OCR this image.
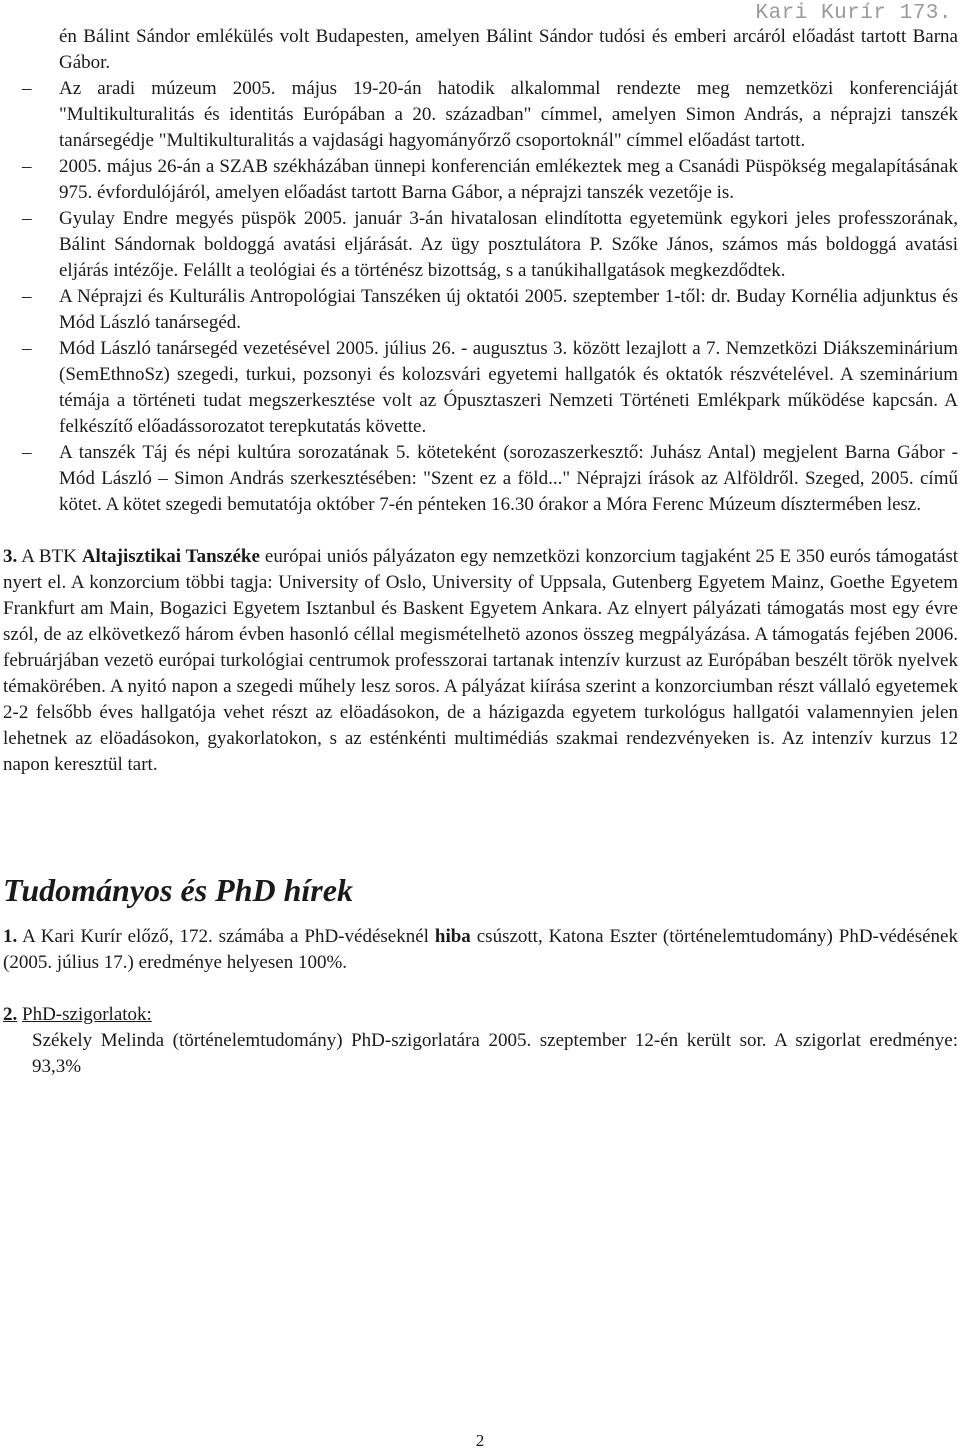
Kari Kurír 173.

én Bálint Sándor emlékülés volt Budapesten, amelyen Bálint Sándor tudósi és emberi arcáról előadást tartott Barna Gábor.

– Az aradi múzeum 2005. május 19-20-án hatodik alkalommal rendezte meg nemzetközi konferenciáját "Multikulturalitás és identitás Európában a 20. században" címmel, amelyen Simon András, a néprajzi tanszék tanársegédje "Multikulturalitás a vajdasági hagyományőrző csoportoknál" címmel előadást tartott.

– 2005. május 26-án a SZAB székházában ünnepi konferencián emlékeztek meg a Csanádi Püspökség megalapításának 975. évfordulójáról, amelyen előadást tartott Barna Gábor, a néprajzi tanszék vezetője is.

– Gyulay Endre megyés püspök 2005. január 3-án hivatalosan elindította egyetemünk egykori jeles professzorának, Bálint Sándornak boldoggá avatási eljárását. Az ügy posztulátora P. Szőke János, számos más boldoggá avatási eljárás intézője. Felállt a teológiai és a történész bizottság, s a tanúkihallgatások megkezdődtek.

– A Néprajzi és Kulturális Antropológiai Tanszéken új oktatói 2005. szeptember 1-től: dr. Buday Kornélia adjunktus és Mód László tanársegéd.

– Mód László tanársegéd vezetésével 2005. július 26. - augusztus 3. között lezajlott a 7. Nemzetközi Diákszeminárium (SemEthnoSz) szegedi, turkui, pozsonyi és kolozsvári egyetemi hallgatók és oktatók részvételével. A szeminárium témája a történeti tudat megszerkesztése volt az Ópusztaszeri Nemzeti Történeti Emlékpark működése kapcsán. A felkészítő előadássorozatot terepkutatás követte.

– A tanszék Táj és népi kultúra sorozatának 5. köteteként (sorozaszerkesztő: Juhász Antal) megjelent Barna Gábor - Mód László – Simon András szerkesztésében: "Szent ez a föld..." Néprajzi írások az Alföldről. Szeged, 2005. című kötet. A kötet szegedi bemutatója október 7-én pénteken 16.30 órakor a Móra Ferenc Múzeum dísztermében lesz.

3. A BTK Altajisztikai Tanszéke európai uniós pályázaton egy nemzetközi konzorcium tagjaként 25 E 350 eurós támogatást nyert el. A konzorcium többi tagja: University of Oslo, University of Uppsala, Gutenberg Egyetem Mainz, Goethe Egyetem Frankfurt am Main, Bogazici Egyetem Isztanbul és Baskent Egyetem Ankara. Az elnyert pályázati támogatás most egy évre szól, de az elkövetkező három évben hasonló céllal megismételhetö azonos összeg megpályázása. A támogatás fejében 2006. februárjában vezetö európai turkológiai centrumok professzorai tartanak intenzív kurzust az Európában beszélt török nyelvek témakörében. A nyitó napon a szegedi műhely lesz soros. A pályázat kiírása szerint a konzorciumban részt vállaló egyetemek 2-2 felsőbb éves hallgatója vehet részt az elöadásokon, de a házigazda egyetem turkológus hallgatói valamennyien jelen lehetnek az elöadásokon, gyakorlatokon, s az esténkénti multimédiás szakmai rendezvényeken is. Az intenzív kurzus 12 napon keresztül tart.

Tudományos és PhD hírek

1. A Kari Kurír előző, 172. számába a PhD-védéseknél hiba csúszott, Katona Eszter (történelemtudomány) PhD-védésének (2005. július 17.) eredménye helyesen 100%.

2. PhD-szigorlatok:

Székely Melinda (történelemtudomány) PhD-szigorlatára 2005. szeptember 12-én került sor. A szigorlat eredménye: 93,3%

2
